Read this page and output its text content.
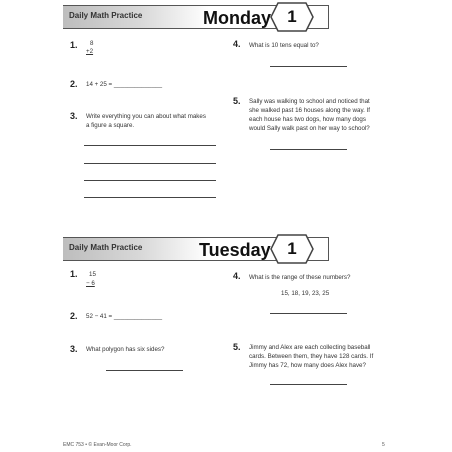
Daily Math Practice	Monday 1
1. 8
+2
2. 14 + 25 = ______________
3. Write everything you can about what makes
a figure a square.
4. What is 10 tens equal to?
5. Sally was walking to school and noticed that
she walked past 16 houses along the way. If
each house has two dogs, how many dogs
would Sally walk past on her way to school?
Daily Math Practice	Tuesday 1
1. 15
− 6
2. 52 − 41 = ______________
3. What polygon has six sides?
4. What is the range of these numbers?
15, 18, 19, 23, 25
5. Jimmy and Alex are each collecting baseball
cards. Between them, they have 128 cards. If
Jimmy has 72, how many does Alex have?
EMC 753 • © Evan-Moor Corp.	5
